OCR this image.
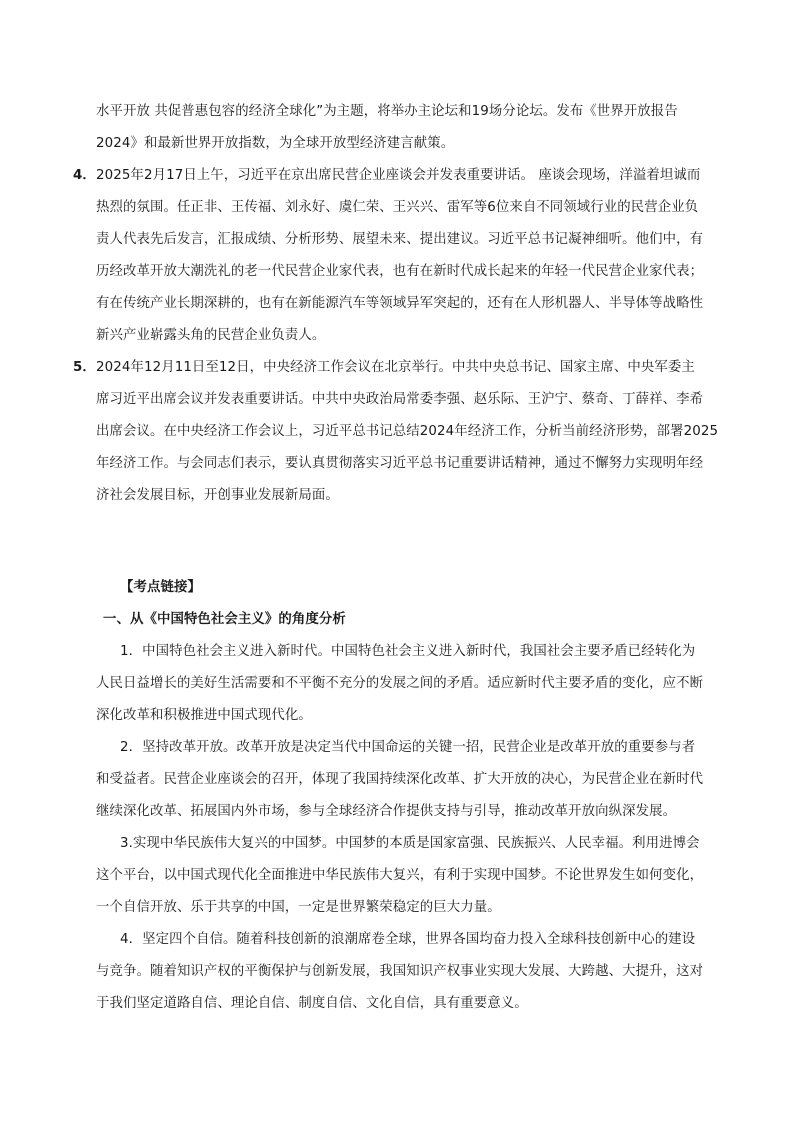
水平开放 共促普惠包容的经济全球化”为主题，将举办主论坛和19场分论坛。发布《世界开放报告
2024》和最新世界开放指数，为全球开放型经济建言献策。
4． 2025年2月17日上午，习近平在京出席民营企业座谈会并发表重要讲话。 座谈会现场，洋溢着坦诚而
热烈的氛围。任正非、王传福、刘永好、虞仁荣、王兴兴、雷军等6位来自不同领域行业的民营企业负
责人代表先后发言，汇报成绩、分析形势、展望未来、提出建议。习近平总书记凝神细听。他们中，有
历经改革开放大潮洗礼的老一代民营企业家代表，也有在新时代成长起来的年轻一代民营企业家代表；
有在传统产业长期深耕的，也有在新能源汽车等领域异军突起的，还有在人形机器人、半导体等战略性
新兴产业崭露头角的民营企业负责人。
5． 2024年12月11日至12日，中央经济工作会议在北京举行。中共中央总书记、国家主席、中央军委主
席习近平出席会议并发表重要讲话。中共中央政治局常委李强、赵乐际、王沪宁、蔡奇、丁薛祥、李希
出席会议。在中央经济工作会议上，习近平总书记总结2024年经济工作，分析当前经济形势，部署2025
年经济工作。与会同志们表示，要认真贯彻落实习近平总书记重要讲话精神，通过不懈努力实现明年经
济社会发展目标，开创事业发展新局面。
【考点链接】
一、从《中国特色社会主义》的角度分析
1．中国特色社会主义进入新时代。中国特色社会主义进入新时代，我国社会主要矛盾已经转化为
人民日益增长的美好生活需要和不平衡不充分的发展之间的矛盾。适应新时代主要矛盾的变化，应不断
深化改革和积极推进中国式现代化。
2．坚持改革开放。改革开放是决定当代中国命运的关键一招，民营企业是改革开放的重要参与者
和受益者。民营企业座谈会的召开，体现了我国持续深化改革、扩大开放的决心，为民营企业在新时代
继续深化改革、拓展国内外市场，参与全球经济合作提供支持与引导，推动改革开放向纵深发展。
3.实现中华民族伟大复兴的中国梦。中国梦的本质是国家富强、民族振兴、人民幸福。利用进博会
这个平台，以中国式现代化全面推进中华民族伟大复兴，有利于实现中国梦。不论世界发生如何变化，
一个自信开放、乐于共享的中国，一定是世界繁荣稳定的巨大力量。
4．坚定四个自信。随着科技创新的浪潮席卷全球，世界各国均奋力投入全球科技创新中心的建设
与竞争。随着知识产权的平衡保护与创新发展，我国知识产权事业实现大发展、大跨越、大提升，这对
于我们坚定道路自信、理论自信、制度自信、文化自信，具有重要意义。
